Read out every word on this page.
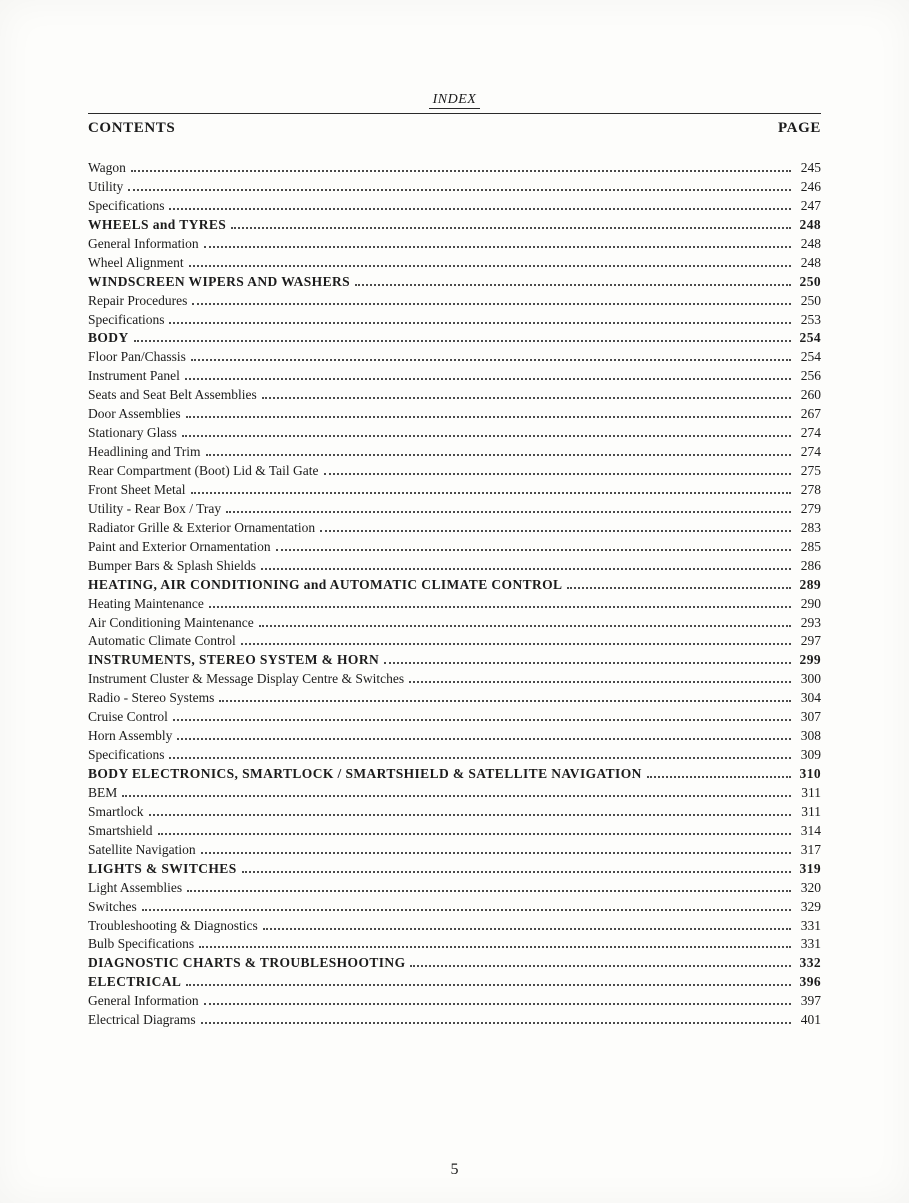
INDEX
CONTENTS	PAGE
Wagon	245
Utility	246
Specifications	247
WHEELS and TYRES	248
General Information	248
Wheel Alignment	248
WINDSCREEN WIPERS AND WASHERS	250
Repair Procedures	250
Specifications	253
BODY	254
Floor Pan/Chassis	254
Instrument Panel	256
Seats and Seat Belt Assemblies	260
Door Assemblies	267
Stationary Glass	274
Headlining and Trim	274
Rear Compartment (Boot) Lid & Tail Gate	275
Front Sheet Metal	278
Utility - Rear Box / Tray	279
Radiator Grille & Exterior Ornamentation	283
Paint and Exterior Ornamentation	285
Bumper Bars & Splash Shields	286
HEATING, AIR CONDITIONING and AUTOMATIC CLIMATE CONTROL	289
Heating Maintenance	290
Air Conditioning Maintenance	293
Automatic Climate Control	297
INSTRUMENTS, STEREO SYSTEM & HORN	299
Instrument Cluster & Message Display Centre & Switches	300
Radio - Stereo Systems	304
Cruise Control	307
Horn Assembly	308
Specifications	309
BODY ELECTRONICS, SMARTLOCK / SMARTSHIELD & SATELLITE NAVIGATION	310
BEM	311
Smartlock	311
Smartshield	314
Satellite Navigation	317
LIGHTS & SWITCHES	319
Light Assemblies	320
Switches	329
Troubleshooting & Diagnostics	331
Bulb Specifications	331
DIAGNOSTIC CHARTS & TROUBLESHOOTING	332
ELECTRICAL	396
General Information	397
Electrical Diagrams	401
5
